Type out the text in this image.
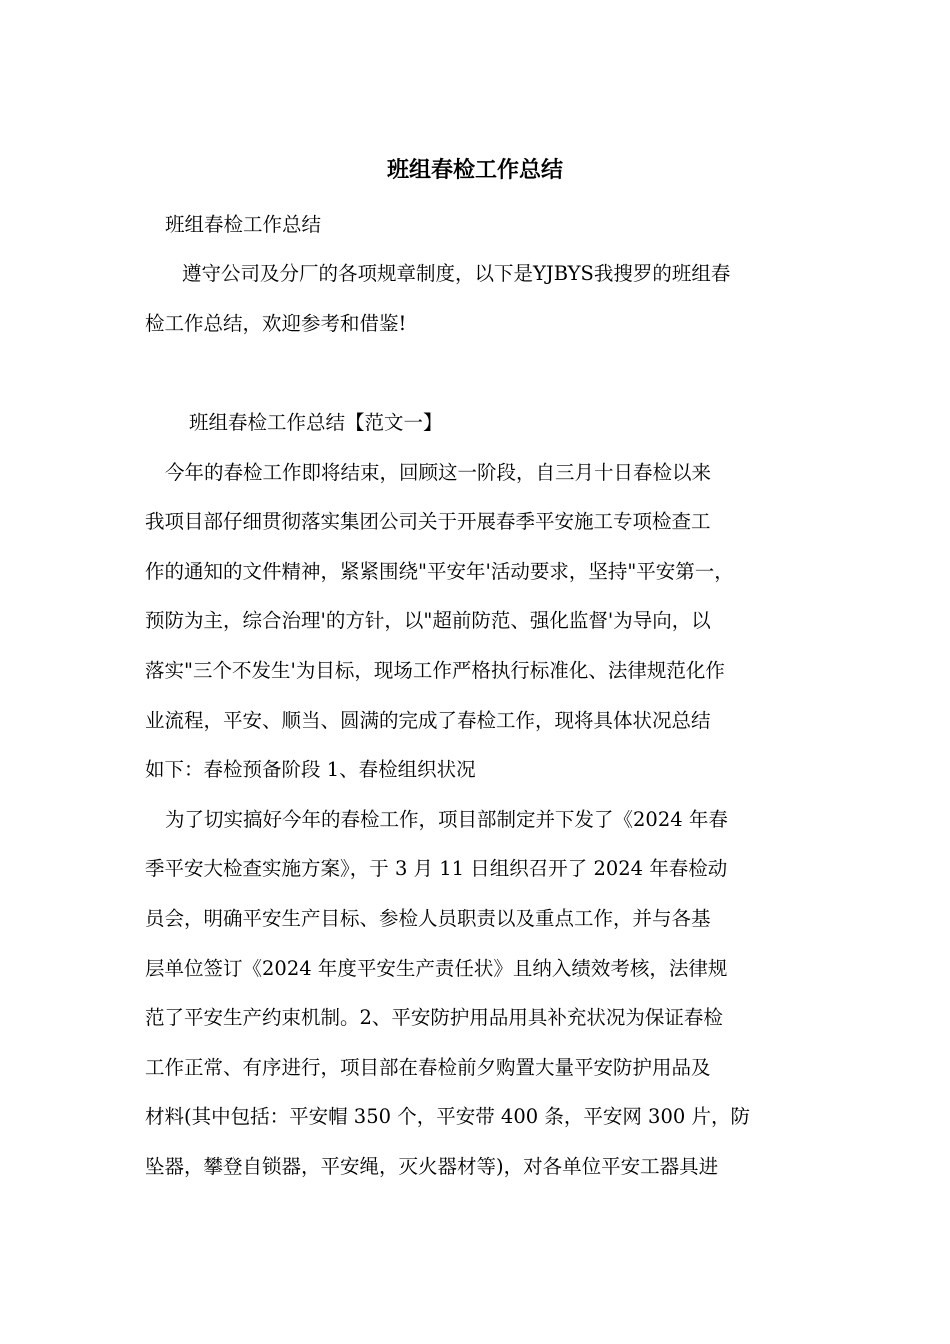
班组春检工作总结

班组春检工作总结

遵守公司及分厂的各项规章制度，以下是YJBYS我搜罗的班组春

检工作总结，欢迎参考和借鉴!

班组春检工作总结【范文一】

今年的春检工作即将结束，回顾这一阶段，自三月十日春检以来

我项目部仔细贯彻落实集团公司关于开展春季平安施工专项检查工

作的通知的文件精神，紧紧围绕"平安年'活动要求，坚持"平安第一，

预防为主，综合治理'的方针，以"超前防范、强化监督'为导向，以

落实"三个不发生'为目标，现场工作严格执行标准化、法律规范化作

业流程，平安、顺当、圆满的完成了春检工作，现将具体状况总结

如下：春检预备阶段 1、春检组织状况

为了切实搞好今年的春检工作，项目部制定并下发了《2024 年春

季平安大检查实施方案》，于 3 月 11 日组织召开了 2024 年春检动

员会，明确平安生产目标、参检人员职责以及重点工作，并与各基

层单位签订《2024 年度平安生产责任状》且纳入绩效考核，法律规

范了平安生产约束机制。2、平安防护用品用具补充状况为保证春检

工作正常、有序进行，项目部在春检前夕购置大量平安防护用品及

材料(其中包括：平安帽 350 个，平安带 400 条，平安网 300 片，防

坠器，攀登自锁器，平安绳，灭火器材等)，对各单位平安工器具进
